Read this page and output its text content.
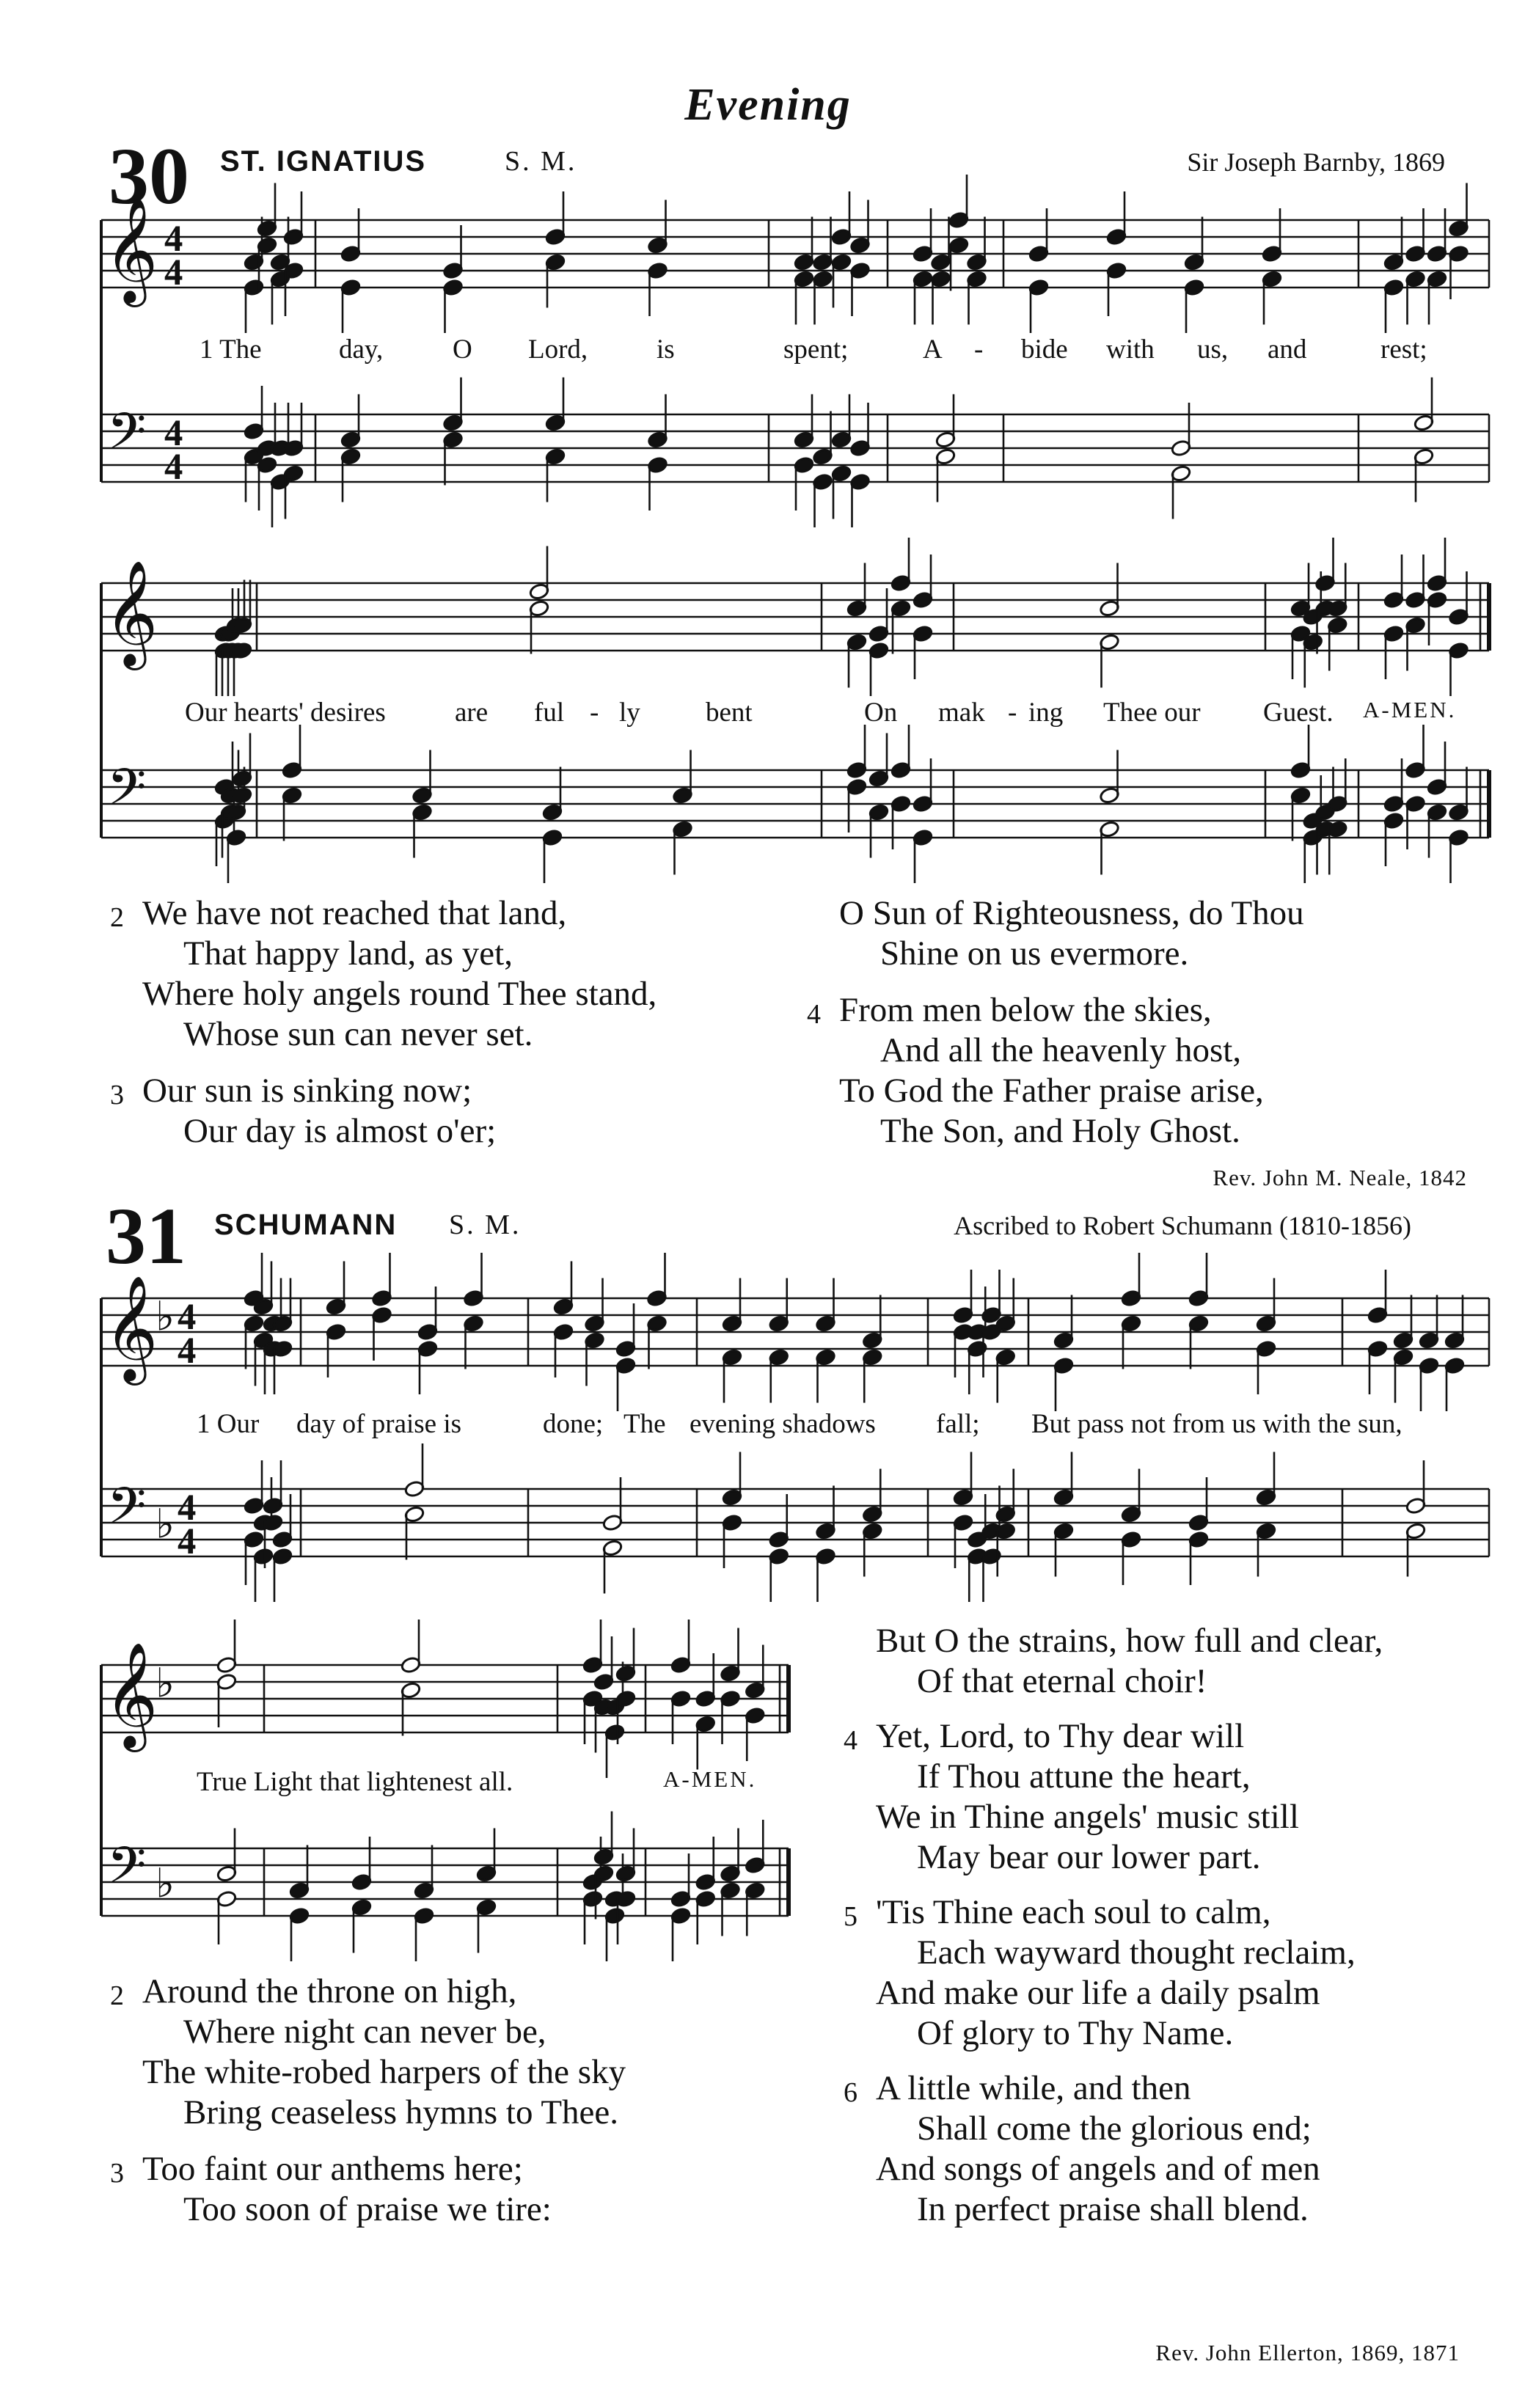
Evening
30 ST. IGNATIUS	S. M.	Sir Joseph Barnby, 1869
𝄞
𝄢
4
4
4
4
𝄞
𝄢
𝄞
𝄢
♭
♭
4
4
4
4
𝄞
𝄢
♭
♭
1 The	day,	O Lord,	is	spent;	A - bide with us, and	rest;
Our hearts' desires	are ful - ly bent	On mak - ing Thee our Guest. A-MEN.
2 We have not reached that land,
That happy land, as yet,
Where holy angels round Thee stand,
Whose sun can never set.
3 Our sun is sinking now;
Our day is almost o'er;
O Sun of Righteousness, do Thou
Shine on us evermore.
4 From men below the skies,
And all the heavenly host,
To God the Father praise arise,
The Son, and Holy Ghost.
Rev. John M. Neale, 1842
31 SCHUMANN S. M.	Ascribed to Robert Schumann (1810-1856)
1 Our day of praise is	done; The evening shadows fall; But pass not from us with the sun,
True Light that lightenest all.	A-MEN.
2 Around the throne on high,
Where night can never be,
The white-robed harpers of the sky
Bring ceaseless hymns to Thee.
3 Too faint our anthems here;
Too soon of praise we tire:
But O the strains, how full and clear,
Of that eternal choir!
4 Yet, Lord, to Thy dear will
If Thou attune the heart,
We in Thine angels' music still
May bear our lower part.
5 'Tis Thine each soul to calm,
Each wayward thought reclaim,
And make our life a daily psalm
Of glory to Thy Name.
6 A little while, and then
Shall come the glorious end;
And songs of angels and of men
In perfect praise shall blend.
Rev. John Ellerton, 1869, 1871
